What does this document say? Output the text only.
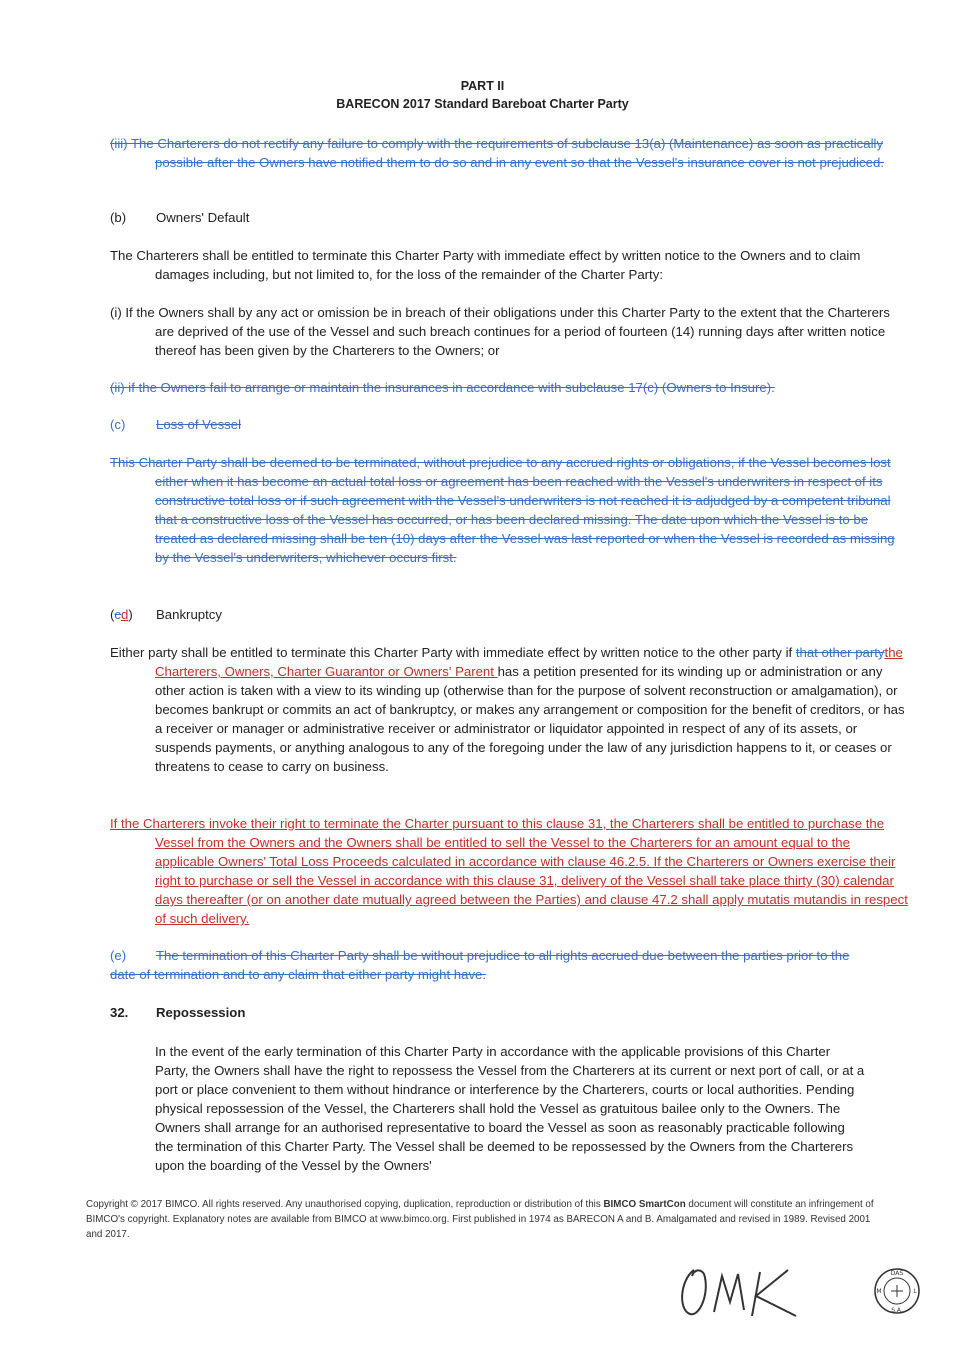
PART II
BARECON 2017 Standard Bareboat Charter Party
(iii) The Charterers do not rectify any failure to comply with the requirements of subclause 13(a) (Maintenance) as soon as practically possible after the Owners have notified them to do so and in any event so that the Vessel's insurance cover is not prejudiced.
(b) Owners' Default
The Charterers shall be entitled to terminate this Charter Party with immediate effect by written notice to the Owners and to claim damages including, but not limited to, for the loss of the remainder of the Charter Party:
(i) If the Owners shall by any act or omission be in breach of their obligations under this Charter Party to the extent that the Charterers are deprived of the use of the Vessel and such breach continues for a period of fourteen (14) running days after written notice thereof has been given by the Charterers to the Owners; or
(ii) if the Owners fail to arrange or maintain the insurances in accordance with subclause 17(c) (Owners to Insure).
(c) Loss of Vessel
This Charter Party shall be deemed to be terminated, without prejudice to any accrued rights or obligations, if the Vessel becomes lost either when it has become an actual total loss or agreement has been reached with the Vessel's underwriters in respect of its constructive total loss or if such agreement with the Vessel's underwriters is not reached it is adjudged by a competent tribunal that a constructive loss of the Vessel has occurred, or has been declared missing. The date upon which the Vessel is to be treated as declared missing shall be ten (10) days after the Vessel was last reported or when the Vessel is recorded as missing by the Vessel's underwriters, whichever occurs first.
(cd) Bankruptcy
Either party shall be entitled to terminate this Charter Party with immediate effect by written notice to the other party if that other partythe Charterers, Owners, Charter Guarantor or Owners' Parent has a petition presented for its winding up or administration or any other action is taken with a view to its winding up (otherwise than for the purpose of solvent reconstruction or amalgamation), or becomes bankrupt or commits an act of bankruptcy, or makes any arrangement or composition for the benefit of creditors, or has a receiver or manager or administrative receiver or administrator or liquidator appointed in respect of any of its assets, or suspends payments, or anything analogous to any of the foregoing under the law of any jurisdiction happens to it, or ceases or threatens to cease to carry on business.
If the Charterers invoke their right to terminate the Charter pursuant to this clause 31, the Charterers shall be entitled to purchase the Vessel from the Owners and the Owners shall be entitled to sell the Vessel to the Charterers for an amount equal to the applicable Owners' Total Loss Proceeds calculated in accordance with clause 46.2.5. If the Charterers or Owners exercise their right to purchase or sell the Vessel in accordance with this clause 31, delivery of the Vessel shall take place thirty (30) calendar days thereafter (or on another date mutually agreed between the Parties) and clause 47.2 shall apply mutatis mutandis in respect of such delivery.
(e) The termination of this Charter Party shall be without prejudice to all rights accrued due between the parties prior to the date of termination and to any claim that either party might have.
32. Repossession
In the event of the early termination of this Charter Party in accordance with the applicable provisions of this Charter Party, the Owners shall have the right to repossess the Vessel from the Charterers at its current or next port of call, or at a port or place convenient to them without hindrance or interference by the Charterers, courts or local authorities. Pending physical repossession of the Vessel, the Charterers shall hold the Vessel as gratuitous bailee only to the Owners. The Owners shall arrange for an authorised representative to board the Vessel as soon as reasonably practicable following the termination of this Charter Party. The Vessel shall be deemed to be repossessed by the Owners from the Charterers upon the boarding of the Vessel by the Owners'
Copyright © 2017 BIMCO. All rights reserved. Any unauthorised copying, duplication, reproduction or distribution of this BIMCO SmartCon document will constitute an infringement of BIMCO's copyright. Explanatory notes are available from BIMCO at www.bimco.org. First published in 1974 as BARECON A and B. Amalgamated and revised in 1989. Revised 2001 and 2017.
DAS
L
S.A.
M
